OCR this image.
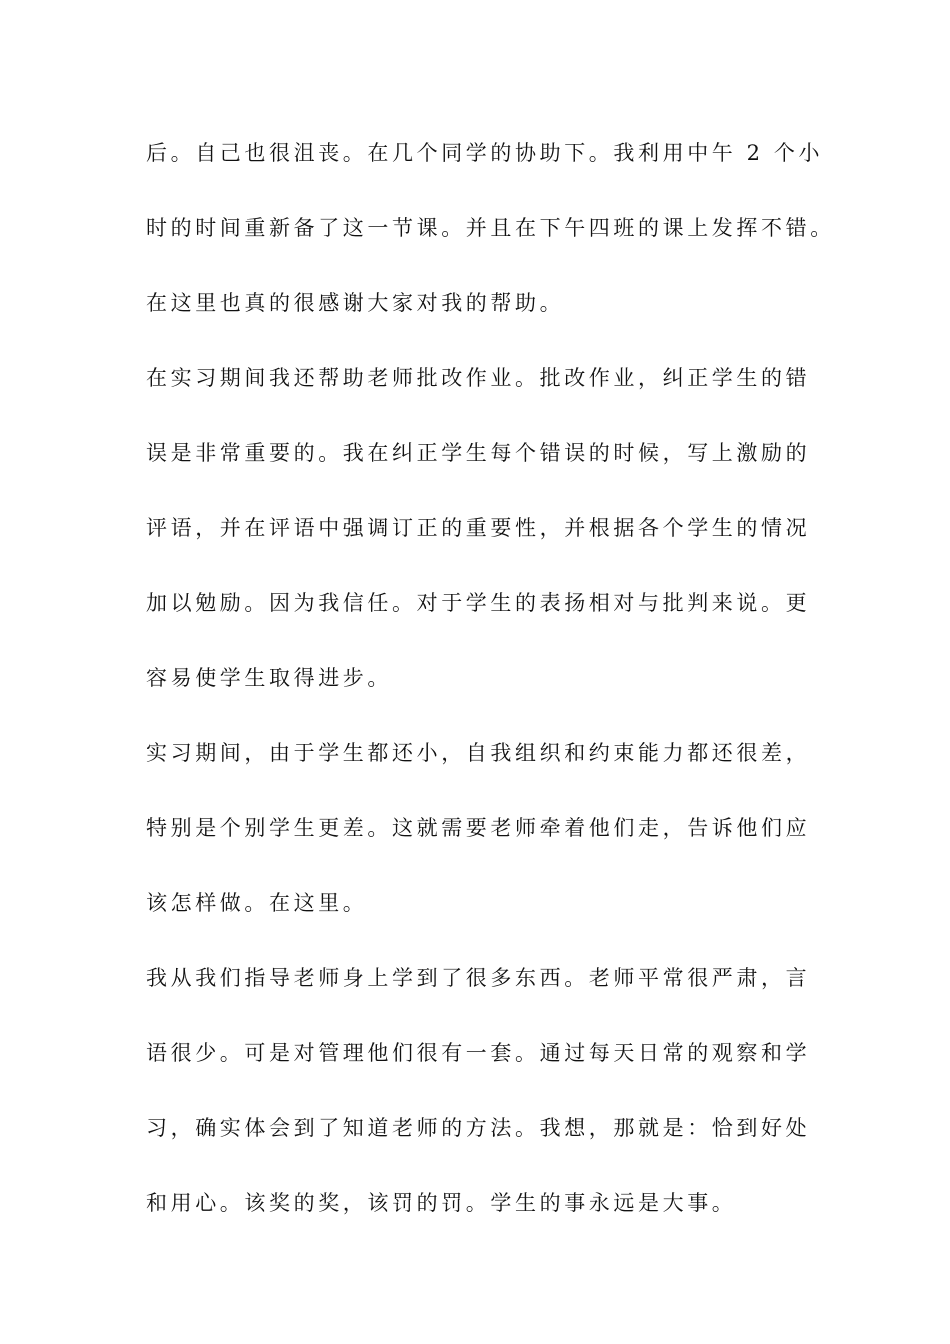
后。自己也很沮丧。在几个同学的协助下。我利用中午 2 个小
时的时间重新备了这一节课。并且在下午四班的课上发挥不错。
在这里也真的很感谢大家对我的帮助。
在实习期间我还帮助老师批改作业。批改作业，纠正学生的错
误是非常重要的。我在纠正学生每个错误的时候，写上激励的
评语，并在评语中强调订正的重要性，并根据各个学生的情况
加以勉励。因为我信任。对于学生的表扬相对与批判来说。更
容易使学生取得进步。
实习期间，由于学生都还小，自我组织和约束能力都还很差，
特别是个别学生更差。这就需要老师牵着他们走，告诉他们应
该怎样做。在这里。
我从我们指导老师身上学到了很多东西。老师平常很严肃，言
语很少。可是对管理他们很有一套。通过每天日常的观察和学
习，确实体会到了知道老师的方法。我想，那就是：恰到好处
和用心。该奖的奖，该罚的罚。学生的事永远是大事。
